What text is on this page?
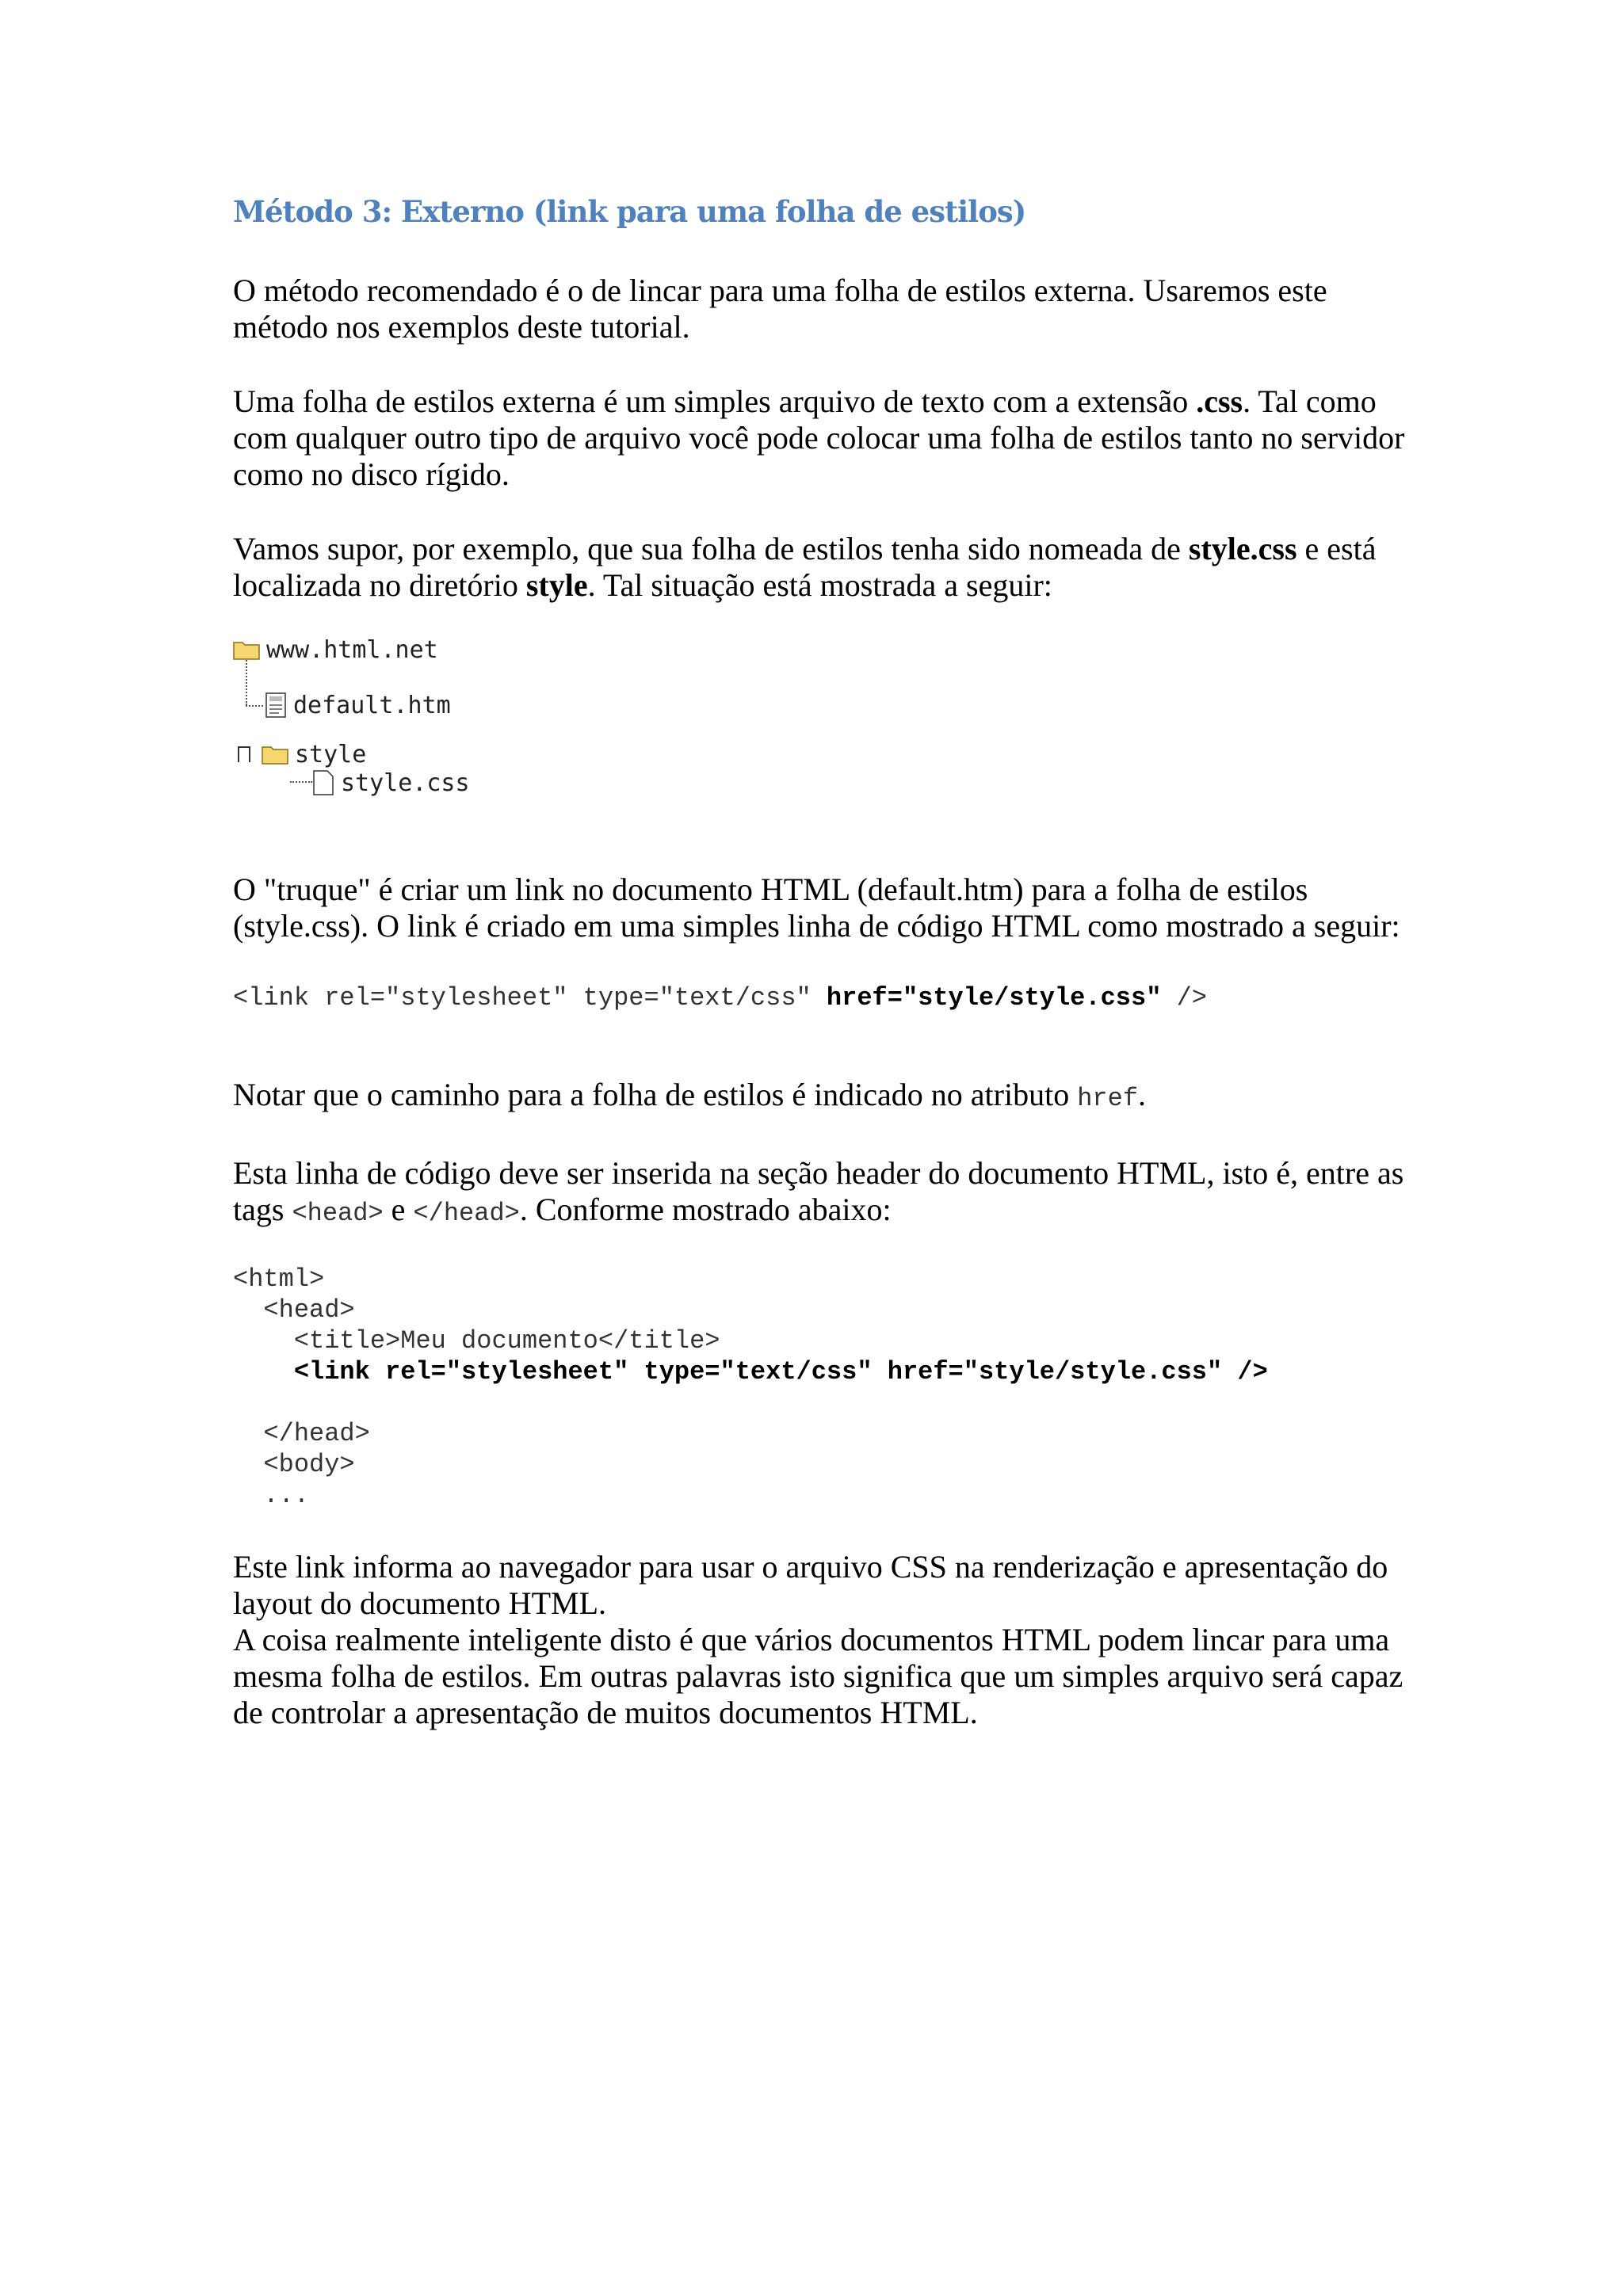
Método 3: Externo (link para uma folha de estilos)

O método recomendado é o de lincar para uma folha de estilos externa. Usaremos este método nos exemplos deste tutorial.

Uma folha de estilos externa é um simples arquivo de texto com a extensão .css. Tal como com qualquer outro tipo de arquivo você pode colocar uma folha de estilos tanto no servidor como no disco rígido.

Vamos supor, por exemplo, que sua folha de estilos tenha sido nomeada de style.css e está localizada no diretório style. Tal situação está mostrada a seguir:

www.html.net
default.htm
style
style.css

O "truque" é criar um link no documento HTML (default.htm) para a folha de estilos (style.css). O link é criado em uma simples linha de código HTML como mostrado a seguir:

<link rel="stylesheet" type="text/css" href="style/style.css" />

Notar que o caminho para a folha de estilos é indicado no atributo href.

Esta linha de código deve ser inserida na seção header do documento HTML, isto é, entre as tags <head> e </head>. Conforme mostrado abaixo:

<html>
<head>
<title>Meu documento</title>
<link rel="stylesheet" type="text/css" href="style/style.css" />

</head>
<body>
...

Este link informa ao navegador para usar o arquivo CSS na renderização e apresentação do layout do documento HTML.

A coisa realmente inteligente disto é que vários documentos HTML podem lincar para uma mesma folha de estilos. Em outras palavras isto significa que um simples arquivo será capaz de controlar a apresentação de muitos documentos HTML.
